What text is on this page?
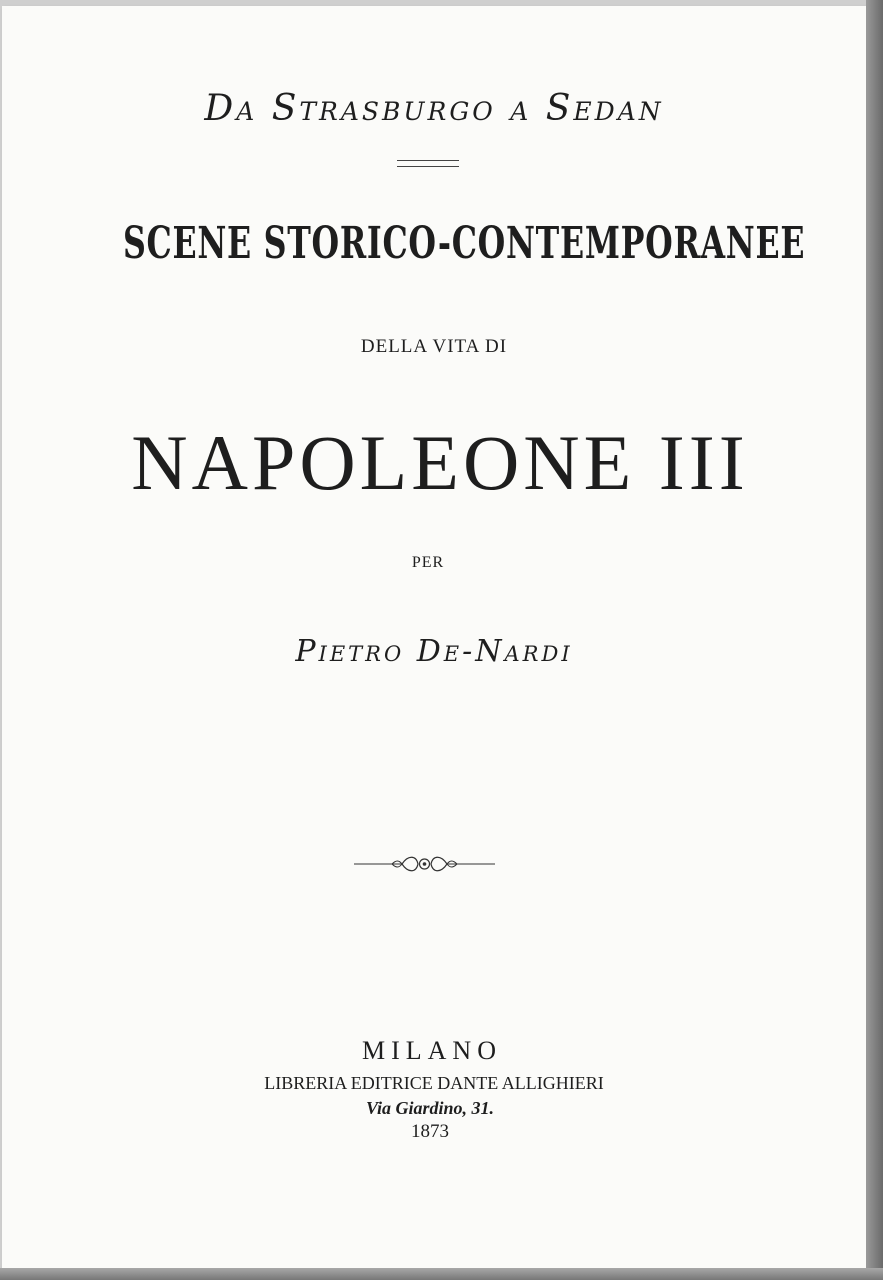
Da Strasburgo a Sedan
SCENE STORICO-CONTEMPORANEE
DELLA VITA DI
NAPOLEONE III
PER
Pietro De-Nardi
MILANO
LIBRERIA EDITRICE DANTE ALLIGHIERI
Via Giardino, 31.
1873
